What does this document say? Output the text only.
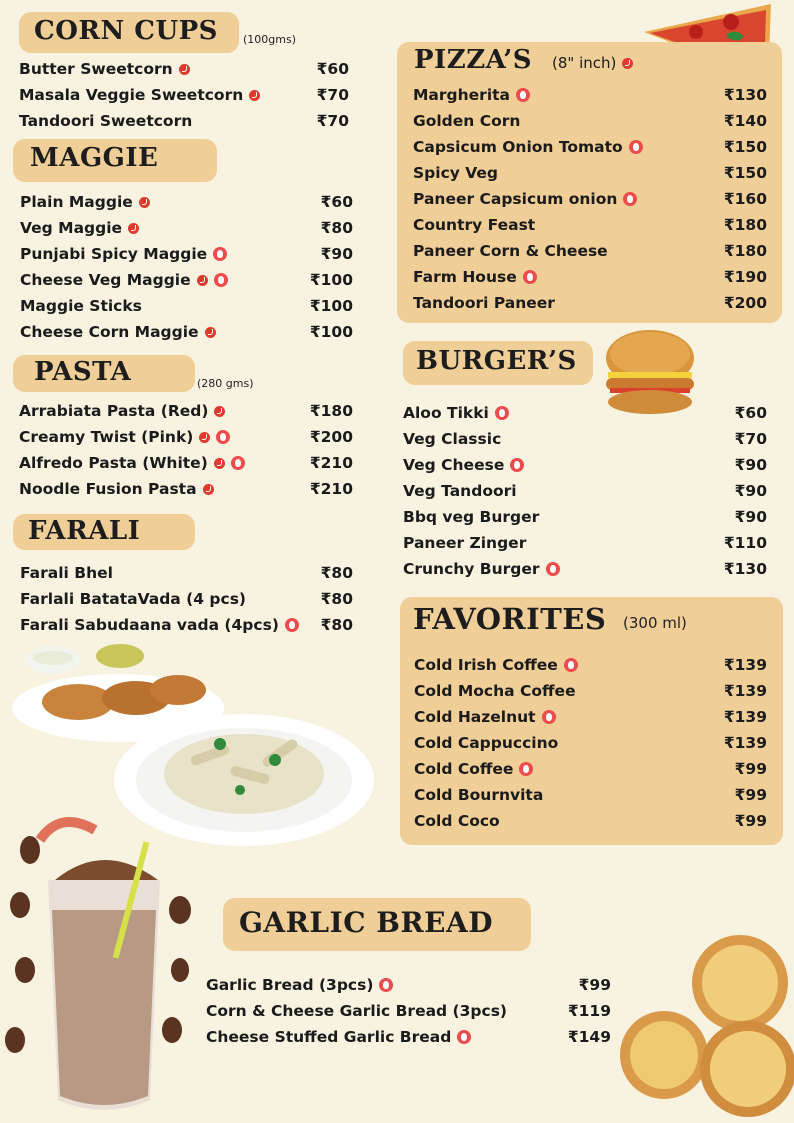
CORN CUPS (100gms)
Butter Sweetcorn	₹60
Masala Veggie Sweetcorn	₹70
Tandoori Sweetcorn	₹70
MAGGIE
Plain Maggie	₹60
Veg Maggie	₹80
Punjabi Spicy Maggie	₹90
Cheese Veg Maggie	₹100
Maggie Sticks	₹100
Cheese Corn Maggie	₹100
PASTA	(280 gms)
Arrabiata Pasta (Red)	₹180
Creamy Twist (Pink)	₹200
Alfredo Pasta (White)	₹210
Noodle Fusion Pasta	₹210
FARALI
Farali Bhel	₹80
Farlali BatataVada (4 pcs)	₹80
Farali Sabudaana vada (4pcs)	₹80
PIZZA’S (8" inch)
Margherita	₹130
Golden Corn	₹140
Capsicum Onion Tomato	₹150
Spicy Veg	₹150
Paneer Capsicum onion	₹160
Country Feast	₹180
Paneer Corn & Cheese	₹180
Farm House	₹190
Tandoori Paneer	₹200
BURGER’S
Aloo Tikki	₹60
Veg Classic	₹70
Veg Cheese	₹90
Veg Tandoori	₹90
Bbq veg Burger	₹90
Paneer Zinger	₹110
Crunchy Burger	₹130
FAVORITES (300 ml)
Cold Irish Coffee	₹139
Cold Mocha Coffee	₹139
Cold Hazelnut	₹139
Cold Cappuccino	₹139
Cold Coffee	₹99
Cold Bournvita	₹99
Cold Coco	₹99
GARLIC BREAD
Garlic Bread (3pcs)	₹99
Corn & Cheese Garlic Bread (3pcs)	₹119
Cheese Stuffed Garlic Bread	₹149
